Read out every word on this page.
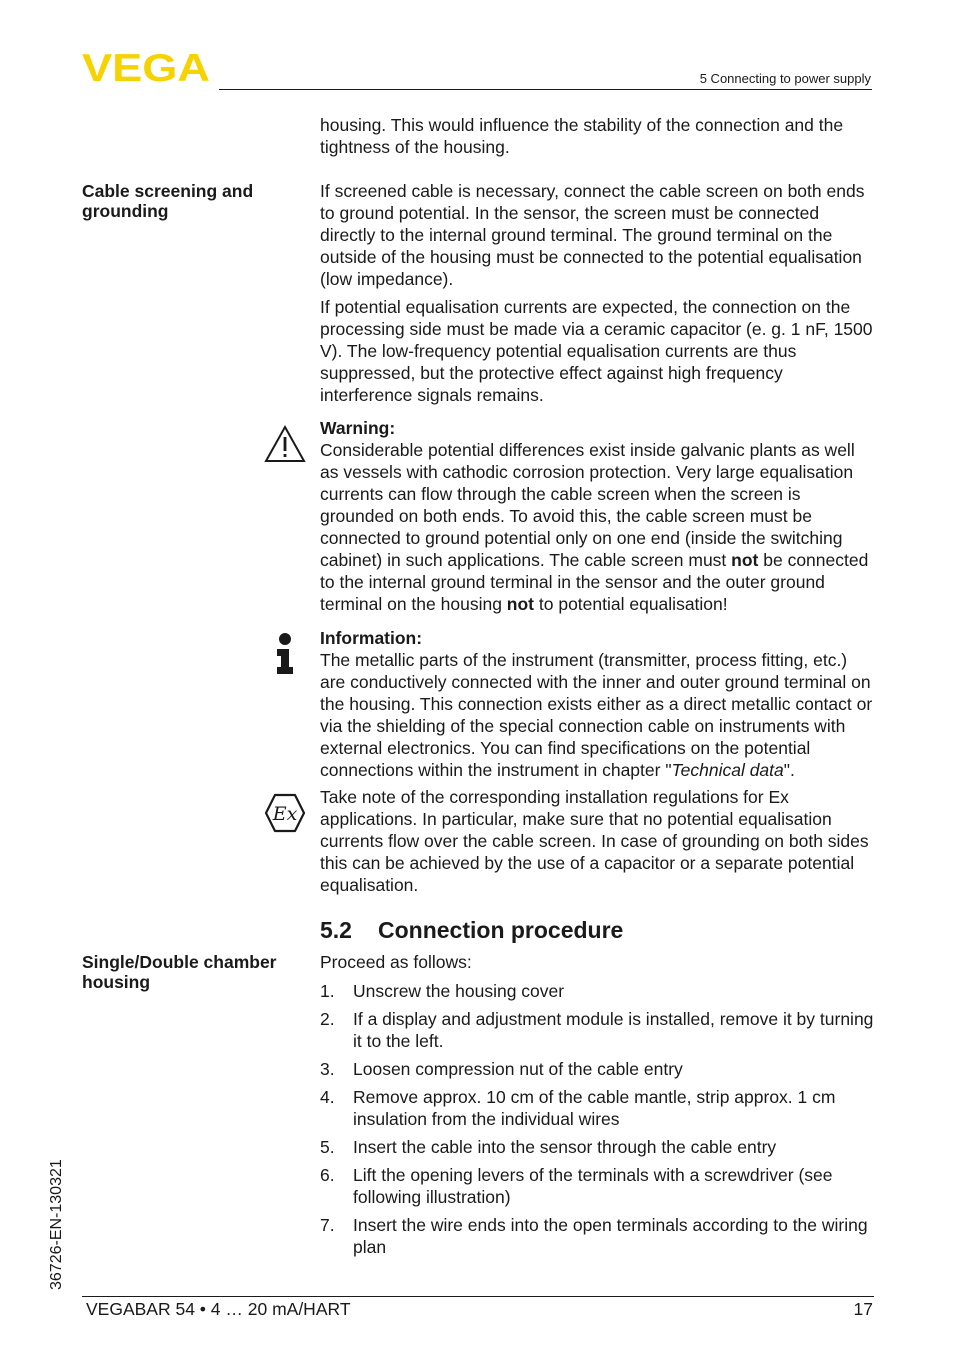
VEGA	5 Connecting to power supply

housing. This would influence the stability of the connection and the tightness of the housing.

Cable screening and
grounding

If screened cable is necessary, connect the cable screen on both ends to ground potential. In the sensor, the screen must be connected directly to the internal ground terminal. The ground terminal on the outside of the housing must be connected to the potential equalisation (low impedance).

If potential equalisation currents are expected, the connection on the processing side must be made via a ceramic capacitor (e. g. 1 nF, 1500 V). The low-frequency potential equalisation currents are thus suppressed, but the protective effect against high frequency interference signals remains.

Warning:

Considerable potential differences exist inside galvanic plants as well as vessels with cathodic corrosion protection. Very large equalisation currents can flow through the cable screen when the screen is grounded on both ends. To avoid this, the cable screen must be connected to ground potential only on one end (inside the switching cabinet) in such applications. The cable screen must not be connected to the internal ground terminal in the sensor and the outer ground terminal on the housing not to potential equalisation!

Information:

The metallic parts of the instrument (transmitter, process fitting, etc.) are conductively connected with the inner and outer ground terminal on the housing. This connection exists either as a direct metallic contact or via the shielding of the special connection cable on instruments with external electronics. You can find specifications on the potential connections within the instrument in chapter "Technical data".

Ex

Take note of the corresponding installation regulations for Ex applications. In particular, make sure that no potential equalisation currents flow over the cable screen. In case of grounding on both sides this can be achieved by the use of a capacitor or a separate potential equalisation.

5.2 Connection procedure
Single/Double chamber
housing

Proceed as follows:

1. Unscrew the housing cover
2. If a display and adjustment module is installed, remove it by turning it to the left.
3. Loosen compression nut of the cable entry
4. Remove approx. 10 cm of the cable mantle, strip approx. 1 cm insulation from the individual wires
5. Insert the cable into the sensor through the cable entry
6. Lift the opening levers of the terminals with a screwdriver (see following illustration)
7. Insert the wire ends into the open terminals according to the wiring plan
36726-EN-130321
VEGABAR 54 • 4 … 20 mA/HART	17
